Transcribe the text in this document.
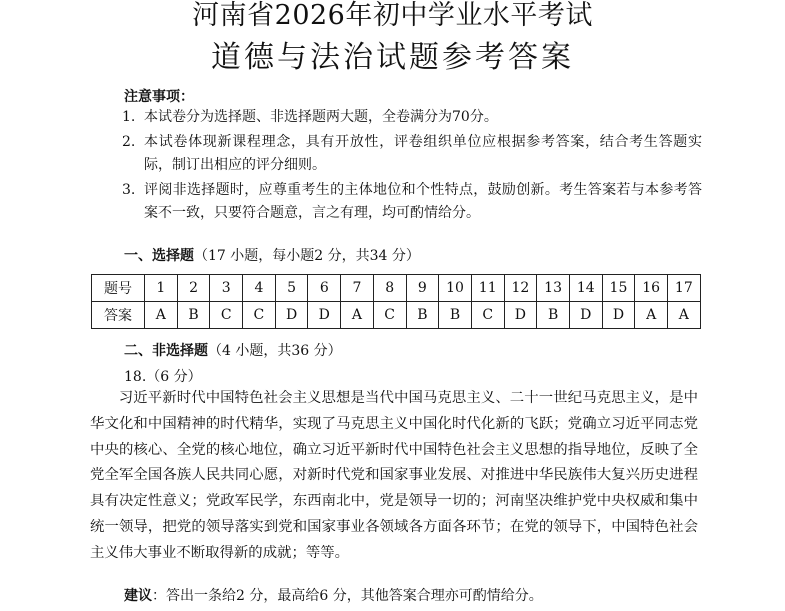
河南省2026年初中学业水平考试
道德与法治试题参考答案
注意事项：
1. 本试卷分为选择题、非选择题两大题，全卷满分为70分。
2. 本试卷体现新课程理念，具有开放性，评卷组织单位应根据参考答案，结合考生答题实际，制订出相应的评分细则。
3. 评阅非选择题时，应尊重考生的主体地位和个性特点，鼓励创新。考生答案若与本参考答案不一致，只要符合题意，言之有理，均可酌情给分。
一、选择题（17 小题，每小题2 分，共34 分）
题号	1	2	3	4	5	6	7	8	9	10	11	12	13	14	15	16	17
答案	A	B	C	C	D	D	A	C	B	B	C	D	B	D	D	A	A
二、非选择题（4 小题，共36 分）
18.（6 分）
习近平新时代中国特色社会主义思想是当代中国马克思主义、二十一世纪马克思主义，是中华文化和中国精神的时代精华，实现了马克思主义中国化时代化新的飞跃；党确立习近平同志党中央的核心、全党的核心地位，确立习近平新时代中国特色社会主义思想的指导地位，反映了全党全军全国各族人民共同心愿，对新时代党和国家事业发展、对推进中华民族伟大复兴历史进程具有决定性意义；党政军民学，东西南北中，党是领导一切的；河南坚决维护党中央权威和集中统一领导，把党的领导落实到党和国家事业各领域各方面各环节；在党的领导下，中国特色社会主义伟大事业不断取得新的成就；等等。
建议：答出一条给2 分，最高给6 分，其他答案合理亦可酌情给分。
